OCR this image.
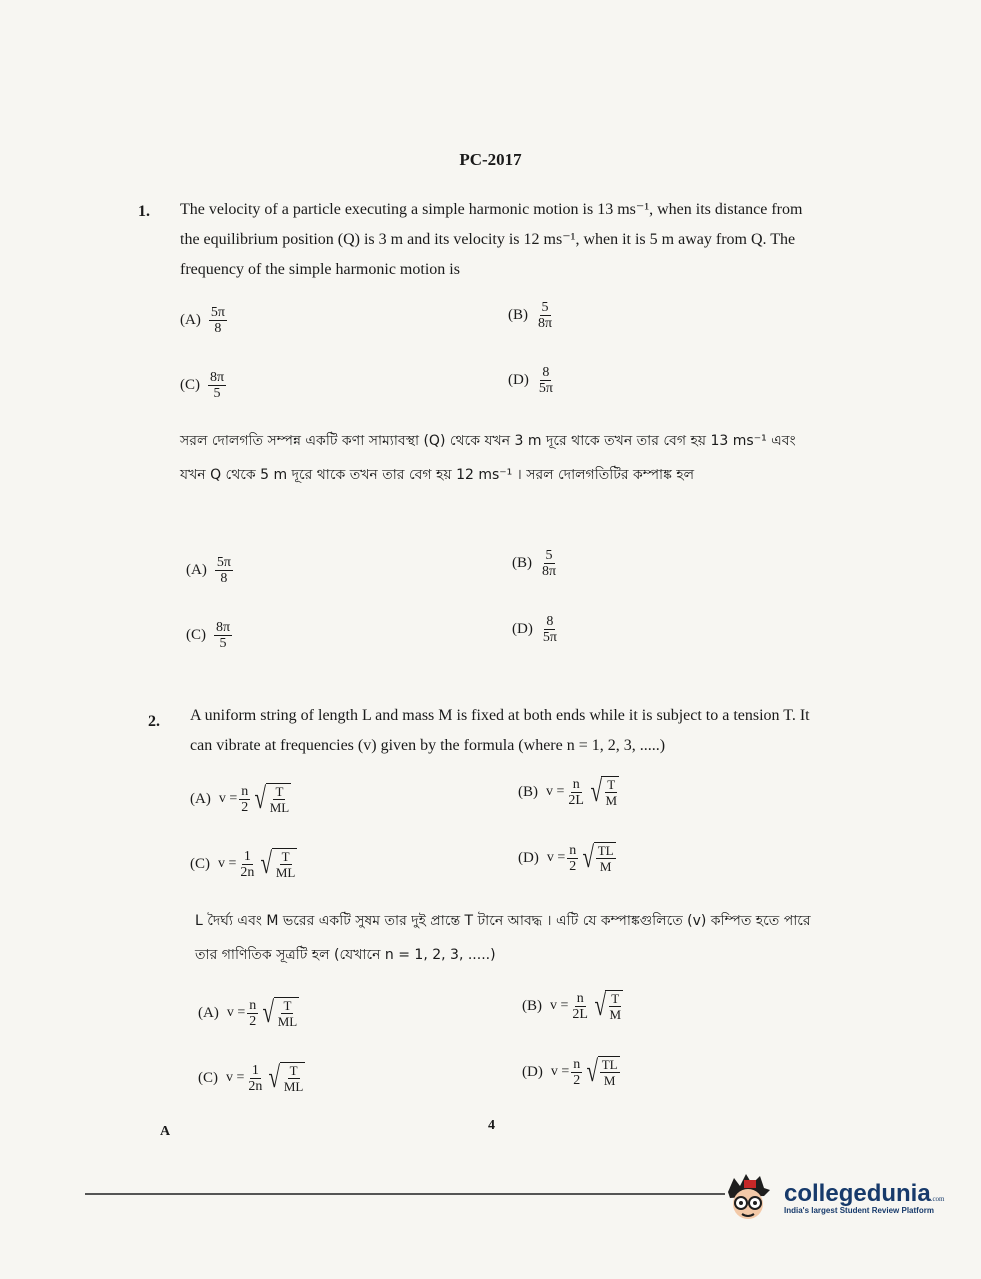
PC-2017
1. The velocity of a particle executing a simple harmonic motion is 13 ms⁻¹, when its distance from the equilibrium position (Q) is 3 m and its velocity is 12 ms⁻¹, when it is 5 m away from Q. The frequency of the simple harmonic motion is
$(A) \frac{5\pi}{8}$	$(B) \frac{5}{8\pi}$
$(C) \frac{8\pi}{5}$	$(D) \frac{8}{5\pi}$
সরল দোলগতি সম্পন্ন একটি কণা সাম্যাবস্থা (Q) থেকে যখন 3 m দূরে থাকে তখন তার বেগ হয় 13 ms⁻¹ এবং যখন Q থেকে 5 m দূরে থাকে তখন তার বেগ হয় 12 ms⁻¹ । সরল দোলগতিটির কম্পাঙ্ক হল
$(A) \frac{5\pi}{8}$	$(B) \frac{5}{8\pi}$
$(C) \frac{8\pi}{5}$	$(D) \frac{8}{5\pi}$
2. A uniform string of length L and mass M is fixed at both ends while it is subject to a tension T. It can vibrate at frequencies (v) given by the formula (where n = 1, 2, 3, .....)
(A) $v = \frac{n}{2}$ √ $\frac{T}{ML}$	(B) $v = \frac{n}{2L}$ √ $\frac{T}{M}$
(C) $v = \frac{1}{2n}$ √ $\frac{T}{ML}$	(D) $v = \frac{n}{2}$ √ $\frac{TL}{M}$
L দৈর্ঘ্য এবং M ভরের একটি সুষম তার দুই প্রান্তে T টানে আবদ্ধ । এটি যে কম্পাঙ্কগুলিতে (v) কম্পিত হতে পারে তার গাণিতিক সূত্রটি হল (যেখানে n = 1, 2, 3, .....)
(A) $v = \frac{n}{2}$ √ $\frac{T}{ML}$	(B) $v = \frac{n}{2L}$ √ $\frac{T}{M}$
(C) $v = \frac{1}{2n}$ √ $\frac{T}{ML}$	(D) $v = \frac{n}{2}$ √ $\frac{TL}{M}$
A	4
collegedunia.com
India's largest Student Review Platform
